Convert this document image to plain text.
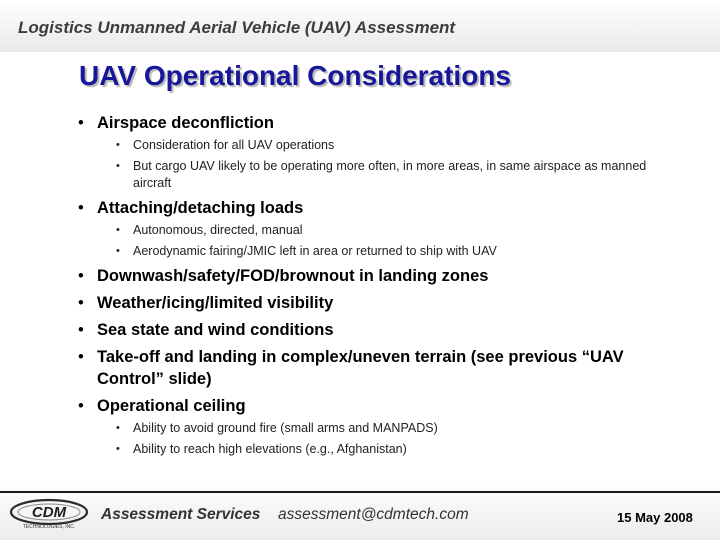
Logistics Unmanned Aerial Vehicle (UAV) Assessment
UAV Operational Considerations
• Airspace deconfliction
• Consideration for all UAV operations
• But cargo UAV likely to be operating more often, in more areas, in same airspace as manned aircraft
• Attaching/detaching loads
• Autonomous, directed, manual
• Aerodynamic fairing/JMIC left in area or returned to ship with UAV
• Downwash/safety/FOD/brownout in landing zones
• Weather/icing/limited visibility
• Sea state and wind conditions
• Take-off and landing in complex/uneven terrain (see previous “UAV Control” slide)
• Operational ceiling
• Ability to avoid ground fire (small arms and MANPADS)
• Ability to reach high elevations (e.g., Afghanistan)
CDM
TECHNOLOGIES, INC.
Assessment Services assessment@cdmtech.com	15 May 2008
